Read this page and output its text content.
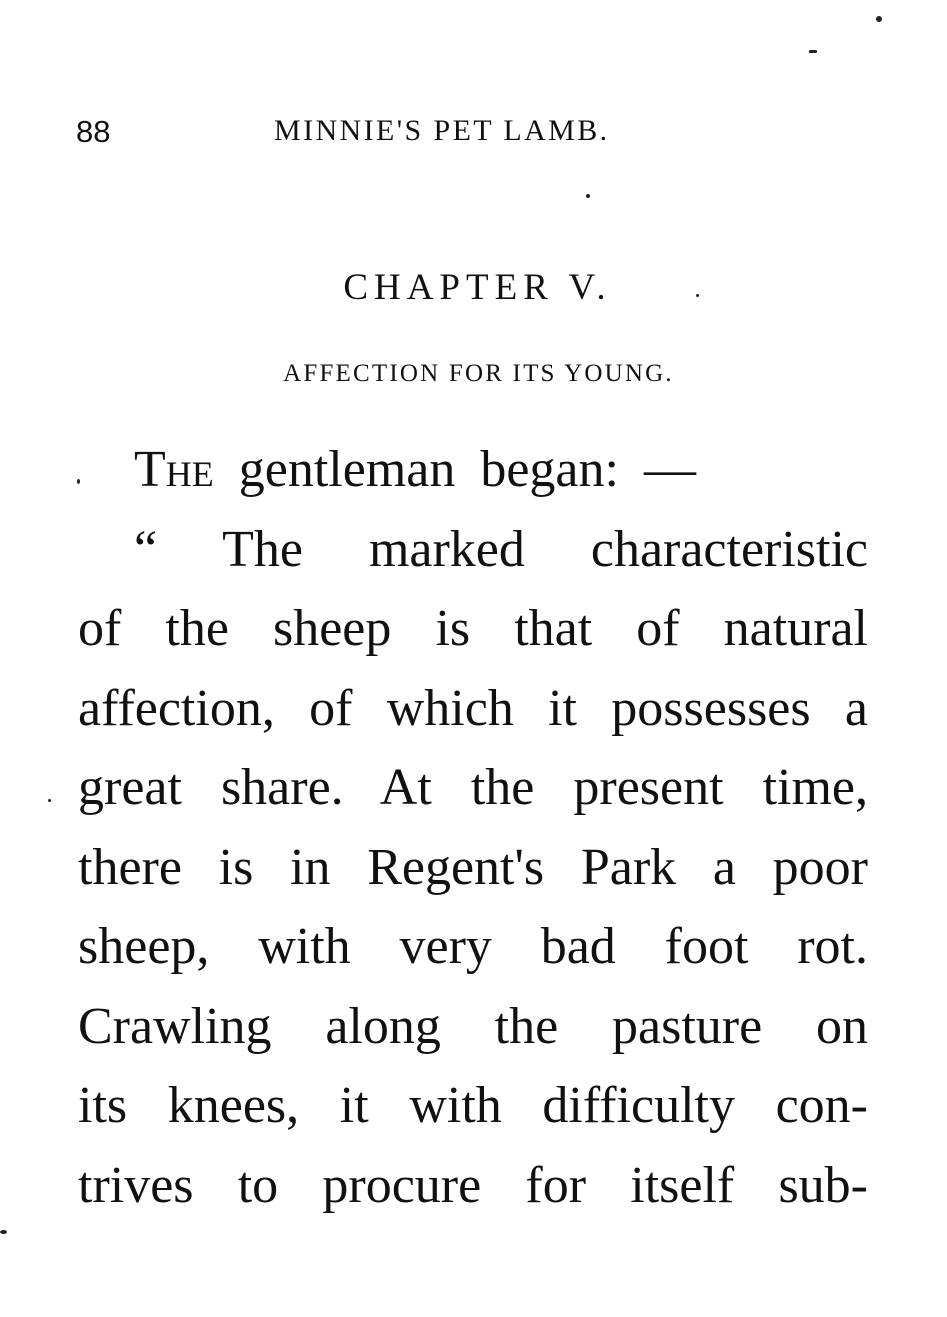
88	MINNIE'S PET LAMB.
CHAPTER V.
AFFECTION FOR ITS YOUNG.
The gentleman began: —
“ The marked characteristic
of the sheep is that of natural
affection, of which it possesses a
great share. At the present time,
there is in Regent's Park a poor
sheep, with very bad foot rot.
Crawling along the pasture on
its knees, it with difficulty con-
trives to procure for itself sub-
